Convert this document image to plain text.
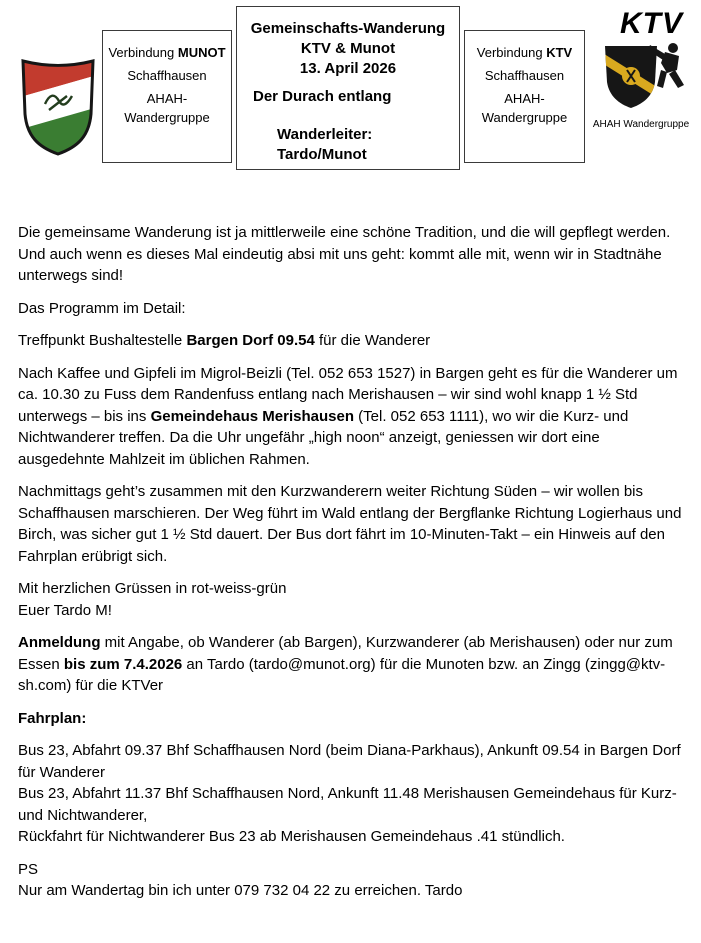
Verbindung MUNOT
Schaffhausen
AHAH-Wandergruppe
Gemeinschafts-Wanderung
KTV & Munot
13. April 2026
Der Durach entlang
Wanderleiter:
Tardo/Munot
Verbindung KTV
Schaffhausen
AHAH-Wandergruppe
KTV
AHAH Wandergruppe

Die gemeinsame Wanderung ist ja mittlerweile eine schöne Tradition, und die will gepflegt werden. Und auch wenn es dieses Mal eindeutig absi mit uns geht: kommt alle mit, wenn wir in Stadtnähe unterwegs sind!

Das Programm im Detail:

Treffpunkt Bushaltestelle Bargen Dorf 09.54 für die Wanderer

Nach Kaffee und Gipfeli im Migrol-Beizli (Tel. 052 653 1527) in Bargen geht es für die Wanderer um ca. 10.30 zu Fuss dem Randenfuss entlang nach Merishausen – wir sind wohl knapp 1 ½ Std unterwegs – bis ins Gemeindehaus Merishausen (Tel. 052 653 1111), wo wir die Kurz- und Nichtwanderer treffen. Da die Uhr ungefähr „high noon“ anzeigt, geniessen wir dort eine ausgedehnte Mahlzeit im üblichen Rahmen.

Nachmittags geht’s zusammen mit den Kurzwanderern weiter Richtung Süden – wir wollen bis Schaffhausen marschieren. Der Weg führt im Wald entlang der Bergflanke Richtung Logierhaus und Birch, was sicher gut 1 ½ Std dauert. Der Bus dort fährt im 10-Minuten-Takt – ein Hinweis auf den Fahrplan erübrigt sich.

Mit herzlichen Grüssen in rot-weiss-grün
Euer Tardo M!

Anmeldung mit Angabe, ob Wanderer (ab Bargen), Kurzwanderer (ab Merishausen) oder nur zum Essen bis zum 7.4.2026 an Tardo (tardo@munot.org) für die Munoten bzw. an Zingg (zingg@ktv-sh.com) für die KTVer

Fahrplan:

Bus 23, Abfahrt 09.37 Bhf Schaffhausen Nord (beim Diana-Parkhaus), Ankunft 09.54 in Bargen Dorf für Wanderer
Bus 23, Abfahrt 11.37 Bhf Schaffhausen Nord, Ankunft 11.48 Merishausen Gemeindehaus für Kurz- und Nichtwanderer,
Rückfahrt für Nichtwanderer Bus 23 ab Merishausen Gemeindehaus .41 stündlich.
PS
Nur am Wandertag bin ich unter 079 732 04 22 zu erreichen. Tardo
